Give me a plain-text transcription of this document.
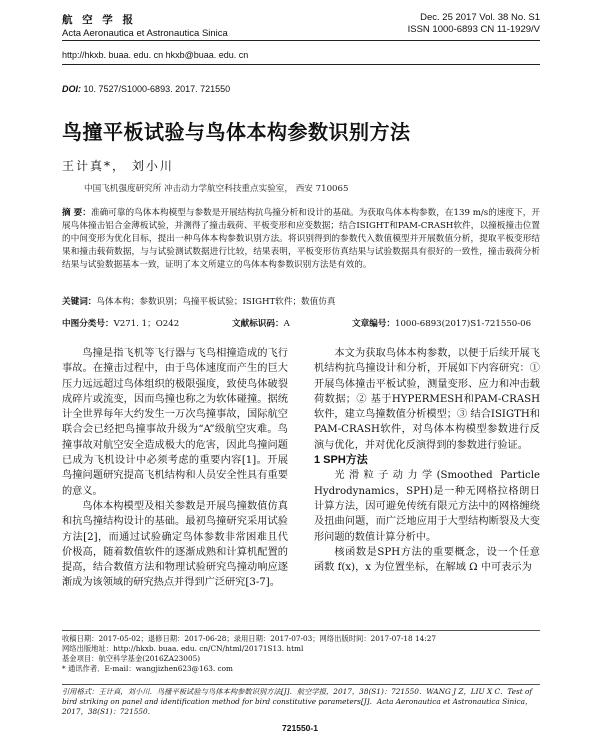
航 空 学 报
Acta Aeronautica et Astronautica Sinica
Dec. 25 2017 Vol. 38 No. S1
ISSN 1000-6893 CN 11-1929/V
http://hkxb. buaa. edu. cn hkxb@buaa. edu. cn
DOI: 10. 7527/S1000-6893. 2017. 721550
鸟撞平板试验与鸟体本构参数识别方法
王计真*， 刘小川
中国飞机强度研究所 冲击动力学航空科技重点实验室， 西安 710065
摘 要：准确可靠的鸟体本构模型与参数是开展结构抗鸟撞分析和设计的基础。为获取鸟体本构参数，在139 m/s的速度下，开展鸟体撞击铝合金薄板试验，并测得了撞击载荷、平板变形和应变数据；结合ISIGHT和PAM-CRASH软件，以撞板撞击位置的中间变形为优化目标，提出一种鸟体本构参数识别方法。将识别得到的参数代入数值模型并开展数值分析，提取平板变形结果和撞击载荷数据，与与试验测试数据进行比较，结果表明，平板变形仿真结果与试验数据具有很好的一致性，撞击载荷分析结果与试验数据基本一致，证明了本文所建立的鸟体本构参数识别方法是有效的。
关键词：鸟体本构；参数识别；鸟撞平板试验；ISIGHT软件；数值仿真
中图分类号：V271. 1；O242	文献标识码：A	文章编号：1000-6893(2017)S1-721550-06

鸟撞是指飞机等飞行器与飞鸟相撞造成的飞行事故。在撞击过程中，由于鸟体速度而产生的巨大压力远远超过鸟体组织的极限强度，致使鸟体破裂成碎片或流变，因而鸟撞也称之为软体碰撞。据统计全世界每年大约发生一万次鸟撞事故，国际航空联合会已经把鸟撞事故升级为“A”级航空灾难。鸟撞事故对航空安全造成极大的危害，因此鸟撞问题已成为飞机设计中必须考虑的重要内容[1]。开展鸟撞问题研究提高飞机结构和人员安全性具有重要的意义。

鸟体本构模型及相关参数是开展鸟撞数值仿真和抗鸟撞结构设计的基础。最初鸟撞研究采用试验方法[2]，而通过试验确定鸟体参数非常困难且代价极高，随着数值软件的逐渐成熟和计算机配置的提高，结合数值方法和物理试验研究鸟撞动响应逐渐成为该领域的研究热点并得到广泛研究[3-7]。

本文为获取鸟体本构参数，以便于后续开展飞机结构抗鸟撞设计和分析，开展如下内容研究：① 开展鸟体撞击平板试验，测量变形、应力和冲击载荷数据；② 基于HYPERMESH和PAM-CRASH软件，建立鸟撞数值分析模型；③ 结合ISIGTH和PAM-CRASH软件，对鸟体本构模型参数进行反演与优化，并对优化反演得到的参数进行验证。

1 SPH方法

光滑粒子动力学(Smoothed Particle Hydrodynamics，SPH)是一种无网格拉格朗日计算方法，因可避免传统有限元方法中的网格缠绕及扭曲问题，而广泛地应用于大型结构断裂及大变形问题的数值计算分析中。

核函数是SPH方法的重要概念，设一个任意函数 f(x)，x 为位置坐标，在解域 Ω 中可表示为

收稿日期：2017-05-02；退修日期：2017-06-28；录用日期：2017-07-03；网络出版时间：2017-07-18 14:27
网络出版地址：http://hkxb. buaa. edu. cn/CN/html/20171S13. html
基金项目：航空科学基金(2016ZA23005)
* 通讯作者．E-mail：wangjizhen623@163. com
引用格式：王计真，刘小川．鸟撞平板试验与鸟体本构参数识别方法[J]．航空学报，2017，38(S1)：721550．WANG J Z，LIU X C．Test of bird striking on panel and identification method for bird constitutive parameters[J]．Acta Aeronautica et Astronautica Sinica，2017，38(S1)：721550．
721550-1
